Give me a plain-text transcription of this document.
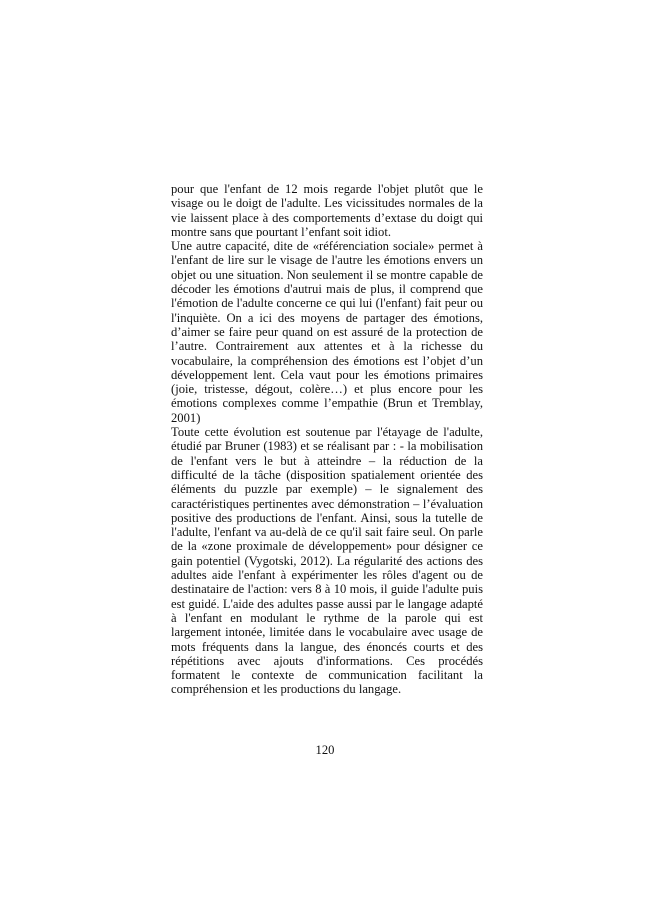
pour que l'enfant de 12 mois regarde l'objet plutôt que le visage ou le doigt de l'adulte. Les vicissitudes normales de la vie laissent place à des comportements d’extase du doigt qui montre sans que pourtant l’enfant soit idiot.

Une autre capacité, dite de «référenciation sociale» permet à l'enfant de lire sur le visage de l'autre les émotions envers un objet ou une situation. Non seulement il se montre capable de décoder les émotions d'autrui mais de plus, il comprend que l'émotion de l'adulte concerne ce qui lui (l'enfant) fait peur ou l'inquiète. On a ici des moyens de partager des émotions, d’aimer se faire peur quand on est assuré de la protection de l’autre. Contrairement aux attentes et à la richesse du vocabulaire, la compréhension des émotions est l’objet d’un développement lent. Cela vaut pour les émotions primaires (joie, tristesse, dégout, colère…) et plus encore pour les émotions complexes comme l’empathie (Brun et Tremblay, 2001)

Toute cette évolution est soutenue par l'étayage de l'adulte, étudié par Bruner (1983) et se réalisant par : - la mobilisation de l'enfant vers le but à atteindre – la réduction de la difficulté de la tâche (disposition spatialement orientée des éléments du puzzle par exemple) – le signalement des caractéristiques pertinentes avec démonstration – l’évaluation positive des productions de l'enfant. Ainsi, sous la tutelle de l'adulte, l'enfant va au-delà de ce qu'il sait faire seul. On parle de la «zone proximale de développement» pour désigner ce gain potentiel (Vygotski, 2012). La régularité des actions des adultes aide l'enfant à expérimenter les rôles d'agent ou de destinataire de l'action: vers 8 à 10 mois, il guide l'adulte puis est guidé. L'aide des adultes passe aussi par le langage adapté à l'enfant en modulant le rythme de la parole qui est largement intonée, limitée dans le vocabulaire avec usage de mots fréquents dans la langue, des énoncés courts et des répétitions avec ajouts d'informations. Ces procédés formatent le contexte de communication facilitant la compréhension et les productions du langage.

120
